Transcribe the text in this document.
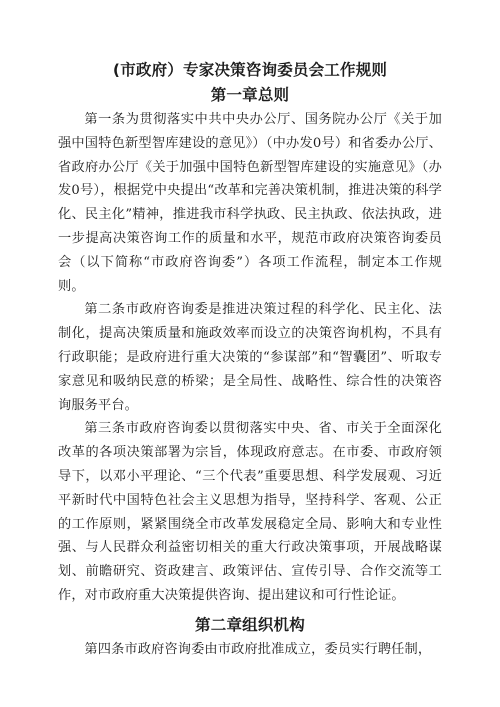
(市政府）专家决策咨询委员会工作规则
第一章总则

第一条为贯彻落实中共中央办公厅、国务院办公厅《关于加强中国特色新型智库建设的意见》）（中办发0号）和省委办公厅、省政府办公厅《关于加强中国特色新型智库建设的实施意见》（办发0号），根据党中央提出“改革和完善决策机制，推进决策的科学化、民主化”精神，推进我市科学执政、民主执政、依法执政，进一步提高决策咨询工作的质量和水平，规范市政府决策咨询委员会（以下简称“市政府咨询委”）各项工作流程，制定本工作规则。

第二条市政府咨询委是推进决策过程的科学化、民主化、法制化，提高决策质量和施政效率而设立的决策咨询机构，不具有行政职能；是政府进行重大决策的“参谋部”和“智囊团”、听取专家意见和吸纳民意的桥梁；是全局性、战略性、综合性的决策咨询服务平台。

第三条市政府咨询委以贯彻落实中央、省、市关于全面深化改革的各项决策部署为宗旨，体现政府意志。在市委、市政府领导下，以邓小平理论、“三个代表”重要思想、科学发展观、习近平新时代中国特色社会主义思想为指导，坚持科学、客观、公正的工作原则，紧紧围绕全市改革发展稳定全局、影响大和专业性强、与人民群众利益密切相关的重大行政决策事项，开展战略谋划、前瞻研究、资政建言、政策评估、宣传引导、合作交流等工作，对市政府重大决策提供咨询、提出建议和可行性论证。

第二章组织机构

第四条市政府咨询委由市政府批准成立，委员实行聘任制，
